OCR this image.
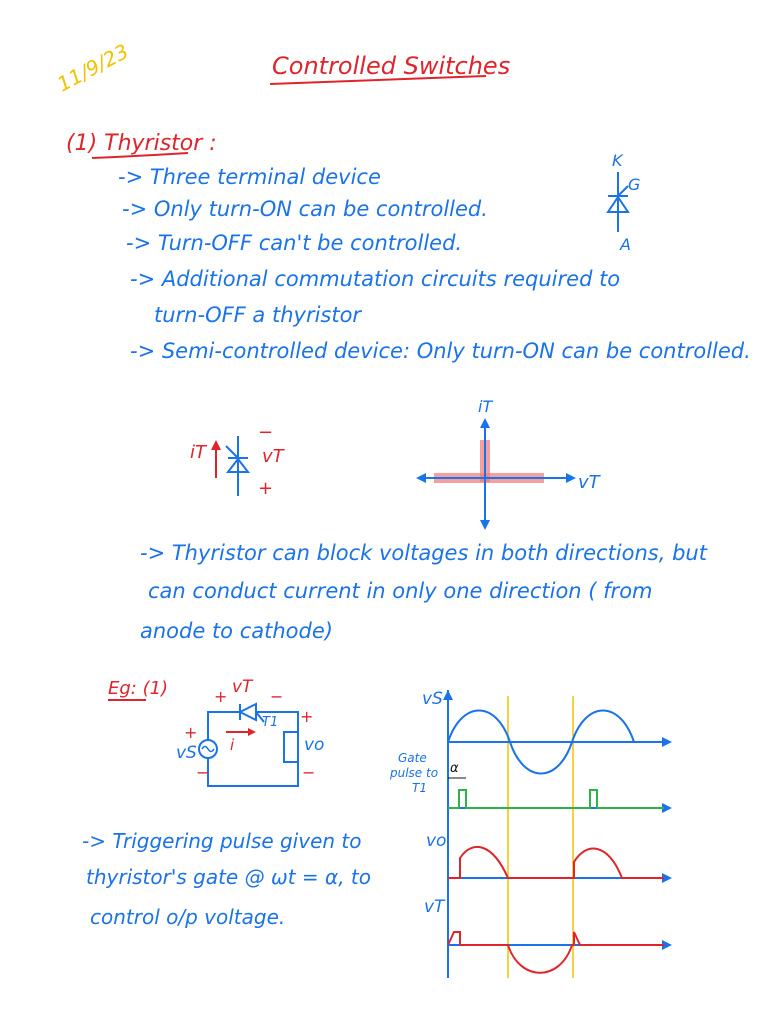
11/9/23	Controlled Switches
(1) Thyristor :
-> Three terminal device
-> Only turn-ON can be controlled.
-> Turn-OFF can't be controlled.
-> Additional commutation circuits required to
turn-OFF a thyristor
-> Semi-controlled device: Only turn-ON can be controlled.
K
G
A
iT
−
vT
+
iT
vT
-> Thyristor can block voltages in both directions, but
can conduct current in only one direction ( from
anode to cathode)
Eg: (1)	vT
+	−
T1
vS
+
−
vo
+
−
i
vS
Gate
pulse to
T1
α
vo
vT
-> Triggering pulse given to
thyristor's gate @ ωt = α, to
control o/p voltage.
